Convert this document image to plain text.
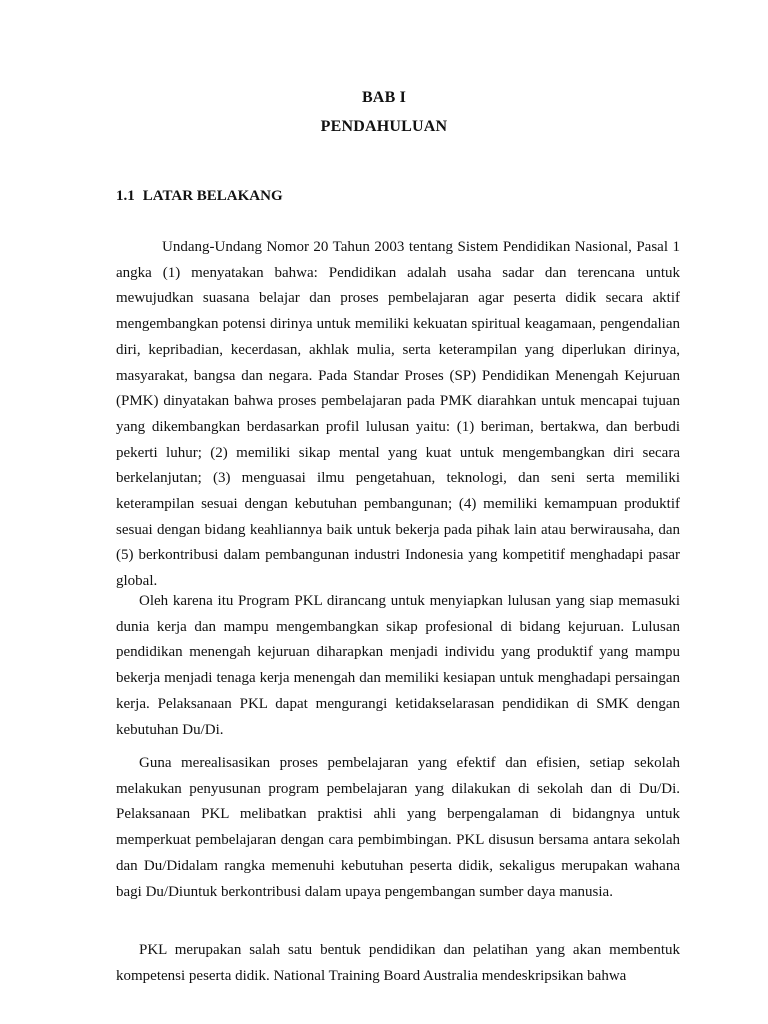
BAB I
PENDAHULUAN
1.1 LATAR BELAKANG

Undang-Undang Nomor 20 Tahun 2003 tentang Sistem Pendidikan Nasional, Pasal 1 angka (1) menyatakan bahwa: Pendidikan adalah usaha sadar dan terencana untuk mewujudkan suasana belajar dan proses pembelajaran agar peserta didik secara aktif mengembangkan potensi dirinya untuk memiliki kekuatan spiritual keagamaan, pengendalian diri, kepribadian, kecerdasan, akhlak mulia, serta keterampilan yang diperlukan dirinya, masyarakat, bangsa dan negara. Pada Standar Proses (SP) Pendidikan Menengah Kejuruan (PMK) dinyatakan bahwa proses pembelajaran pada PMK diarahkan untuk mencapai tujuan yang dikembangkan berdasarkan profil lulusan yaitu: (1) beriman, bertakwa, dan berbudi pekerti luhur; (2) memiliki sikap mental yang kuat untuk mengembangkan diri secara berkelanjutan; (3) menguasai ilmu pengetahuan, teknologi, dan seni serta memiliki keterampilan sesuai dengan kebutuhan pembangunan; (4) memiliki kemampuan produktif sesuai dengan bidang keahliannya baik untuk bekerja pada pihak lain atau berwirausaha, dan (5) berkontribusi dalam pembangunan industri Indonesia yang kompetitif menghadapi pasar global.

Oleh karena itu Program PKL dirancang untuk menyiapkan lulusan yang siap memasuki dunia kerja dan mampu mengembangkan sikap profesional di bidang kejuruan. Lulusan pendidikan menengah kejuruan diharapkan menjadi individu yang produktif yang mampu bekerja menjadi tenaga kerja menengah dan memiliki kesiapan untuk menghadapi persaingan kerja. Pelaksanaan PKL dapat mengurangi ketidakselarasan pendidikan di SMK dengan kebutuhan Du/Di.

Guna merealisasikan proses pembelajaran yang efektif dan efisien, setiap sekolah melakukan penyusunan program pembelajaran yang dilakukan di sekolah dan di Du/Di. Pelaksanaan PKL melibatkan praktisi ahli yang berpengalaman di bidangnya untuk memperkuat pembelajaran dengan cara pembimbingan. PKL disusun bersama antara sekolah dan Du/Didalam rangka memenuhi kebutuhan peserta didik, sekaligus merupakan wahana bagi Du/Diuntuk berkontribusi dalam upaya pengembangan sumber daya manusia.

PKL merupakan salah satu bentuk pendidikan dan pelatihan yang akan membentuk kompetensi peserta didik. National Training Board Australia mendeskripsikan bahwa
